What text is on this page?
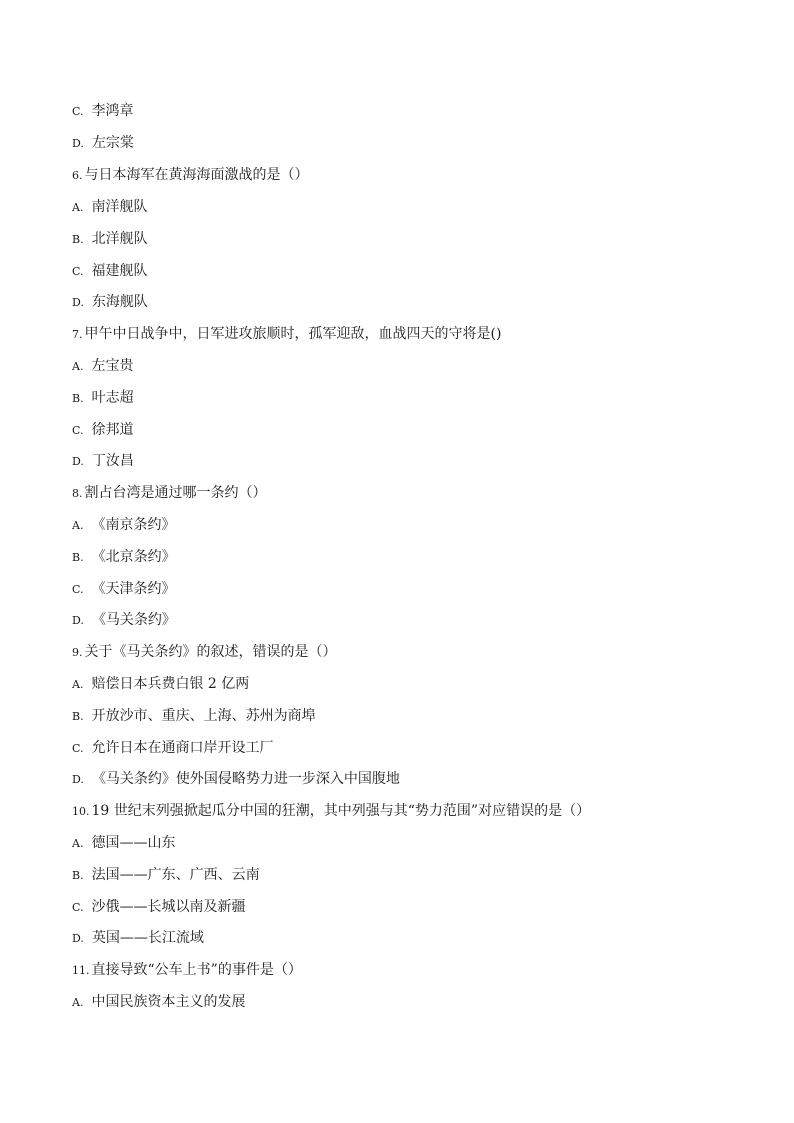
C. 李鸿章
D. 左宗棠
6. 与日本海军在黄海海面激战的是（）
A. 南洋舰队
B. 北洋舰队
C. 福建舰队
D. 东海舰队
7. 甲午中日战争中，日军进攻旅顺时，孤军迎敌，血战四天的守将是()
A. 左宝贵
B. 叶志超
C. 徐邦道
D. 丁汝昌
8. 割占台湾是通过哪一条约（）
A. 《南京条约》
B. 《北京条约》
C. 《天津条约》
D. 《马关条约》
9. 关于《马关条约》的叙述，错误的是（）
A. 赔偿日本兵费白银 2 亿两
B. 开放沙市、重庆、上海、苏州为商埠
C. 允许日本在通商口岸开设工厂
D. 《马关条约》使外国侵略势力进一步深入中国腹地
10. 19 世纪末列强掀起瓜分中国的狂潮，其中列强与其“势力范围”对应错误的是（）
A. 德国——山东
B. 法国——广东、广西、云南
C. 沙俄——长城以南及新疆
D. 英国——长江流域
11. 直接导致“公车上书”的事件是（）
A. 中国民族资本主义的发展
